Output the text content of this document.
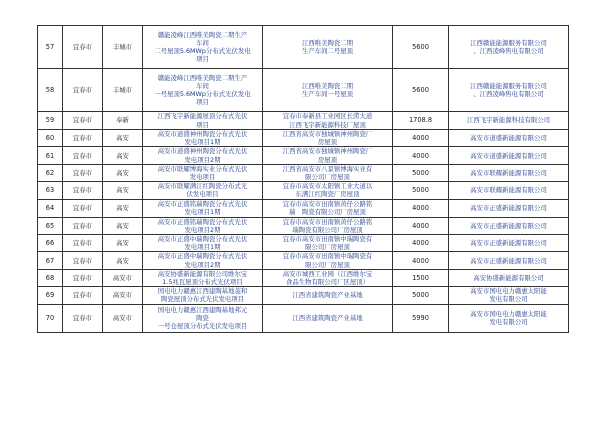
57	宜春市	丰城市	赣能凌峰江西唯美陶瓷二期生产
车间
二号屋顶5.6MWp分布式光伏发电
项目	江西唯美陶瓷二期
生产车间二号屋顶	5600	江西赣能能源服务有限公司
、江西凌峰售电有限公司

58	宜春市	丰城市	赣能凌峰江西唯美陶瓷二期生产
车间
一号屋顶5.6MWp分布式光伏发电
项目	江西唯美陶瓷二期
生产车间一号屋顶	5600	江西赣能能源服务有限公司
、江西凌峰售电有限公司

59	宜春市	奉新	江西飞宇新能源屋顶分布式光伏
项目	宜春市奉新县工业园区长涝大道
江西飞宇新能源科技厂屋顶	1708.8	江西飞宇新能源科技有限公司

60	宜春市	高安	高安市道盛神州陶瓷分布式光伏
发电项目1期	江西省高安市独城镇神州陶瓷厂
房屋顶	4000	高安市道盛新能源有限公司

61	宜春市	高安	高安市道盛神州陶瓷分布式光伏
发电项目2期	江西省高安市独城镇神州陶瓷厂
房屋顶	4000	高安市道盛新能源有限公司

62	宜春市	高安	高安市联耀博海实业分布式光伏
发电项目	江西省高安市八景镇博海实业有
限公司厂房屋顶	5000	高安市联耀新能源有限公司

63	宜春市	高安	高安市联耀满江红陶瓷分布式光
伏发电项目	宜春市高安市太阳镇工业大道以
东满江红陶瓷厂房屋顶	5000	高安市联耀新能源有限公司

64	宜春市	高安	高安市正盛铭瑞陶瓷分布式光伏
发电项目1期	宜春市高安市田南镇黄仔公路铭
瑞　陶瓷有限公司厂房屋顶	4000	高安市正盛新能源有限公司

65	宜春市	高安	高安市正盛铭瑞陶瓷分布式光伏
发电项目2期	宜春市高安市田南镇黄仔公路铭
瑞陶瓷有限公司厂房屋顶	4000	高安市正盛新能源有限公司

66	宜春市	高安	高安市正盛中瑞陶瓷分布式光伏
发电项目1期	宜春市高安市田南镇中瑞陶瓷有
限公司厂房屋顶	4000	高安市正盛新能源有限公司

67	宜春市	高安	高安市正盛中瑞陶瓷分布式光伏
发电项目2期	宜春市高安市田南镇中瑞陶瓷有
限公司厂房屋顶	4000	高安市正盛新能源有限公司

68	宜春市	高安市	高安协盛新能源有限公司维尔宝
1.5兆瓦屋顶分布式光伏项目	高安市城西工业园（江西维尔宝
食品生物有限公司厂区屋顶）	1500	高安协盛新能源有限公司

69	宜春市	高安市	国电电力赣惠江西建陶基地菱和
陶瓷屋顶分布式光伏发电项目	江西省建筑陶瓷产业基地	5000	高安市国电电力赣惠太阳能
发电有限公司

70	宜春市	高安市	国电电力赣惠江西建陶基地邦元
陶瓷
一号仓屋顶分布式光伏发电项目	江西省建筑陶瓷产业基地	5990	高安市国电电力赣惠太阳能
发电有限公司
